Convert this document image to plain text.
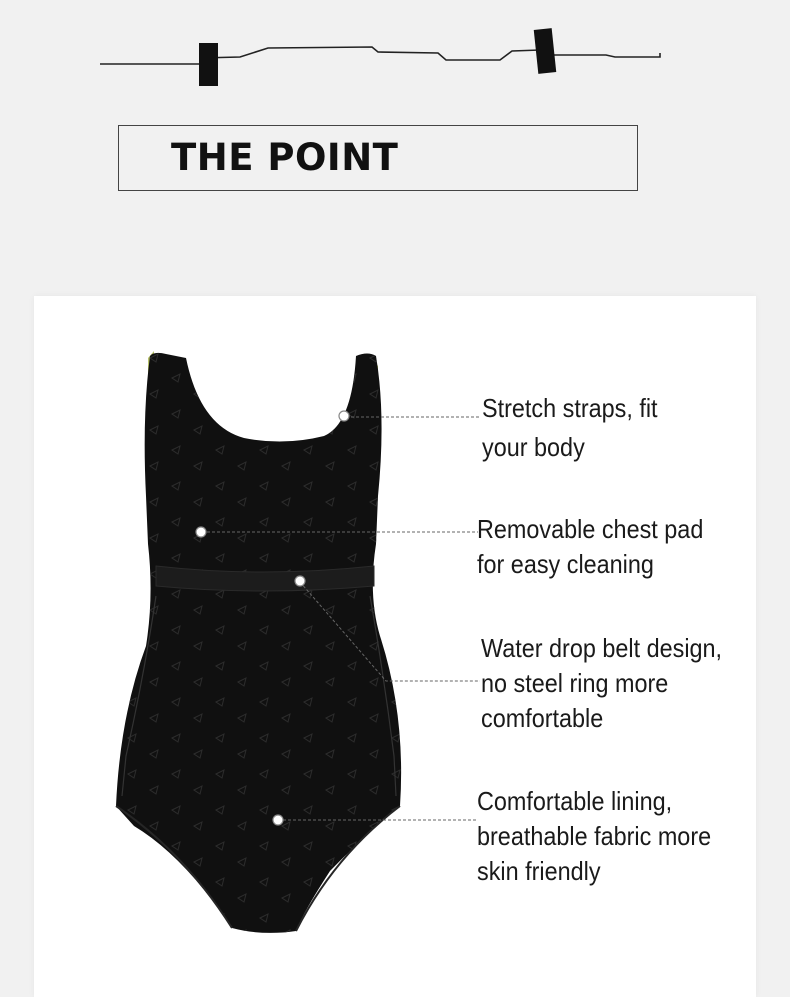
THE POINT
Stretch straps, fit
your body
Removable chest pad
for easy cleaning
Water drop belt design,
no steel ring more
comfortable
Comfortable lining,
breathable fabric more
skin friendly
